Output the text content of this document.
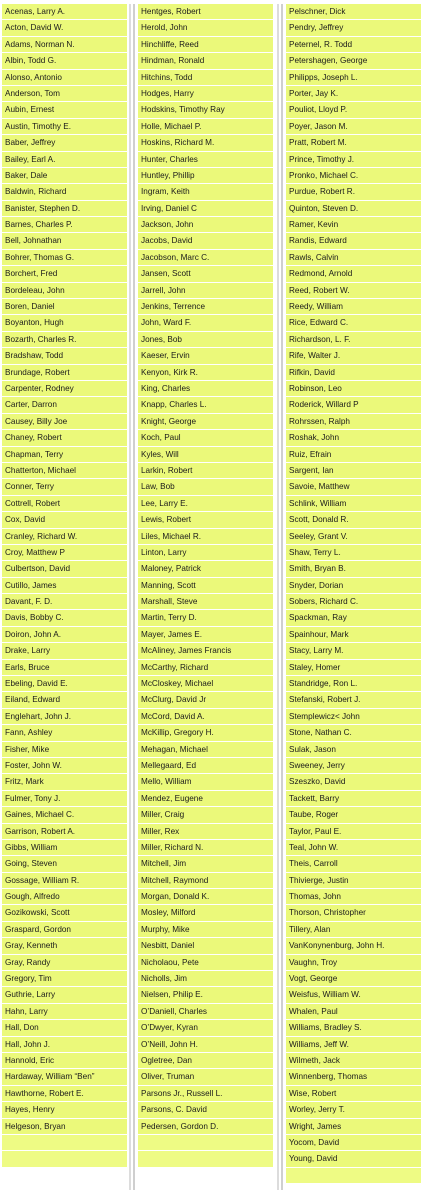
Acenas, Larry A.
Acton, David W.
Adams, Norman N.
Albin, Todd G.
Alonso, Antonio
Anderson, Tom
Aubin, Ernest
Austin, Timothy E.
Baber, Jeffrey
Bailey, Earl A.
Baker, Dale
Baldwin, Richard
Banister, Stephen D.
Barnes, Charles P.
Bell, Johnathan
Bohrer, Thomas G.
Borchert, Fred
Bordeleau, John
Boren, Daniel
Boyanton, Hugh
Bozarth, Charles R.
Bradshaw, Todd
Brundage, Robert
Carpenter, Rodney
Carter, Darron
Causey, Billy Joe
Chaney, Robert
Chapman, Terry
Chatterton, Michael
Conner, Terry
Cottrell, Robert
Cox, David
Cranley, Richard W.
Croy, Matthew P
Culbertson, David
Cutillo, James
Davant, F. D.
Davis, Bobby C.
Doiron, John A.
Drake, Larry
Earls, Bruce
Ebeling, David E.
Eiland, Edward
Englehart, John J.
Fann, Ashley
Fisher, Mike
Foster, John W.
Fritz, Mark
Fulmer, Tony J.
Gaines, Michael C.
Garrison, Robert A.
Gibbs, William
Going, Steven
Gossage, William R.
Gough, Alfredo
Gozikowski, Scott
Graspard, Gordon
Gray, Kenneth
Gray, Randy
Gregory, Tim
Guthrie, Larry
Hahn, Larry
Hall, Don
Hall, John J.
Hannold, Eric
Hardaway, William “Ben”
Hawthorne, Robert E.
Hayes, Henry
Helgeson, Bryan
Hentges, Robert
Herold, John
Hinchliffe, Reed
Hindman, Ronald
Hitchins, Todd
Hodges, Harry
Hodskins, Timothy Ray
Holle, Michael P.
Hoskins, Richard M.
Hunter, Charles
Huntley, Phillip
Ingram, Keith
Irving, Daniel C
Jackson, John
Jacobs, David
Jacobson, Marc C.
Jansen, Scott
Jarrell, John
Jenkins, Terrence
John, Ward F.
Jones, Bob
Kaeser, Ervin
Kenyon, Kirk R.
King, Charles
Knapp, Charles L.
Knight, George
Koch, Paul
Kyles, Will
Larkin, Robert
Law, Bob
Lee, Larry E.
Lewis, Robert
Liles, Michael R.
Linton, Larry
Maloney, Patrick
Manning, Scott
Marshall, Steve
Martin, Terry D.
Mayer, James E.
McAliney, James Francis
McCarthy, Richard
McCloskey, Michael
McClurg, David Jr
McCord, David A.
McKillip, Gregory H.
Mehagan, Michael
Mellegaard, Ed
Mello, William
Mendez, Eugene
Miller, Craig
Miller, Rex
Miller, Richard N.
Mitchell, Jim
Mitchell, Raymond
Morgan, Donald K.
Mosley, Milford
Murphy, Mike
Nesbitt, Daniel
Nicholaou, Pete
Nicholls, Jim
Nielsen, Philip E.
O’Daniell, Charles
O’Dwyer, Kyran
O’Neill, John H.
Ogletree, Dan
Oliver, Truman
Parsons Jr., Russell L.
Parsons, C. David
Pedersen, Gordon D.
Pelschner, Dick
Pendry, Jeffrey
Peternel, R. Todd
Petershagen, George
Philipps, Joseph L.
Porter, Jay K.
Pouliot, Lloyd P.
Poyer, Jason M.
Pratt, Robert M.
Prince, Timothy J.
Pronko, Michael C.
Purdue, Robert R.
Quinton, Steven D.
Ramer, Kevin
Randis, Edward
Rawls, Calvin
Redmond, Arnold
Reed, Robert W.
Reedy, William
Rice, Edward C.
Richardson, L. F.
Rife, Walter J.
Rifkin, David
Robinson, Leo
Roderick, Willard P
Rohrssen, Ralph
Roshak, John
Ruiz, Efrain
Sargent, Ian
Savoie, Matthew
Schlink, William
Scott, Donald R.
Seeley, Grant V.
Shaw, Terry L.
Smith, Bryan B.
Snyder, Dorian
Sobers, Richard C.
Spackman, Ray
Spainhour, Mark
Stacy, Larry M.
Staley, Homer
Standridge, Ron L.
Stefanski, Robert J.
Stemplewicz< John
Stone, Nathan C.
Sulak, Jason
Sweeney, Jerry
Szeszko, David
Tackett, Barry
Taube, Roger
Taylor, Paul E.
Teal, John W.
Theis, Carroll
Thivierge, Justin
Thomas, John
Thorson, Christopher
Tillery, Alan
VanKonynenburg, John H.
Vaughn, Troy
Vogt, George
Weisfus, William W.
Whalen, Paul
Williams, Bradley S.
Williams, Jeff W.
Wilmeth, Jack
Winnenberg, Thomas
Wise, Robert
Worley, Jerry T.
Wright, James
Yocom, David
Young, David
